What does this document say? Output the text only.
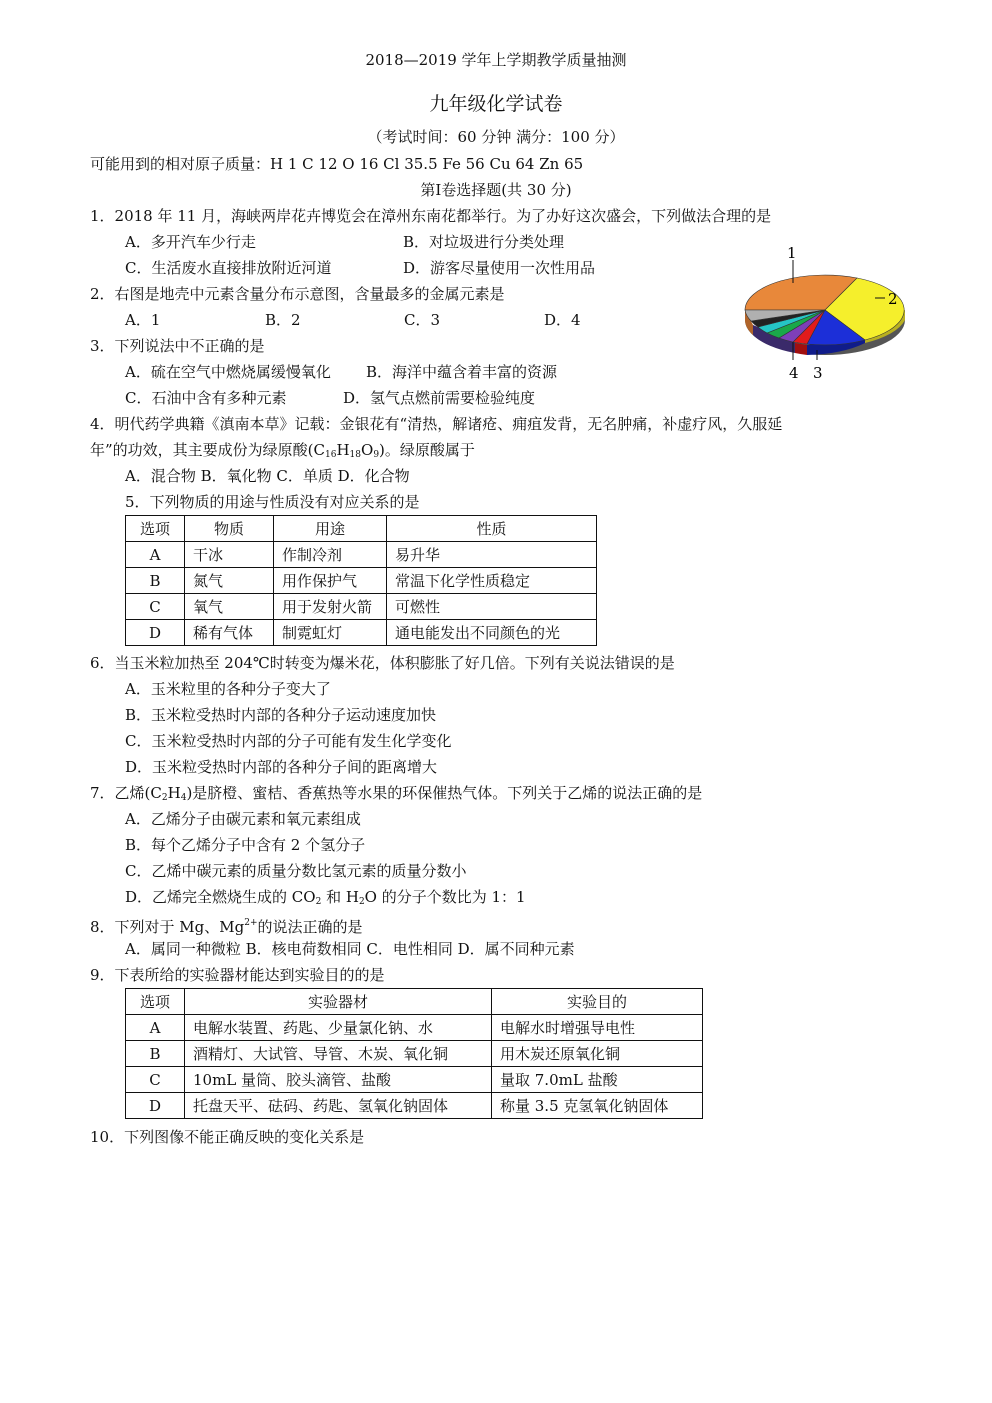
2018—2019 学年上学期教学质量抽测
九年级化学试卷
（考试时间：60 分钟 满分：100 分）
可能用到的相对原子质量：H 1 C 12 O 16 Cl 35.5 Fe 56 Cu 64 Zn 65
第Ⅰ卷选择题(共 30 分)
1．2018 年 11 月，海峡两岸花卉博览会在漳州东南花都举行。为了办好这次盛会，下列做法合理的是
A．多开汽车少行走	B．对垃圾进行分类处理
C．生活废水直接排放附近河道	D．游客尽量使用一次性用品
2．右图是地壳中元素含量分布示意图，含量最多的金属元素是
A．1	B．2	C．3	D．4
1
2
3
4
3．下列说法中不正确的是
A．硫在空气中燃烧属缓慢氧化 B．海洋中蕴含着丰富的资源
C．石油中含有多种元素	D．氢气点燃前需要检验纯度
4．明代药学典籍《滇南本草》记载：金银花有“清热，解诸疮、痈疽发背，无名肿痛，补虚疗风，久服延
年”的功效，其主要成份为绿原酸$(C_{16}H_{18}O_9)$。绿原酸属于
A．混合物 B．氧化物 C．单质 D．化合物
5．下列物质的用途与性质没有对应关系的是
选项	物质	用途	性质
A	干冰	作制冷剂	易升华
B	氮气	用作保护气	常温下化学性质稳定
C	氧气	用于发射火箭	可燃性
D	稀有气体	制霓虹灯	通电能发出不同颜色的光
6．当玉米粒加热至 204℃时转变为爆米花，体积膨胀了好几倍。下列有关说法错误的是
A．玉米粒里的各种分子变大了
B．玉米粒受热时内部的各种分子运动速度加快
C．玉米粒受热时内部的分子可能有发生化学变化
D．玉米粒受热时内部的各种分子间的距离增大
7．乙烯$(C_2H_4)$是脐橙、蜜桔、香蕉热等水果的环保催热气体。下列关于乙烯的说法正确的是
A．乙烯分子由碳元素和氧元素组成
B．每个乙烯分子中含有 2 个氢分子
C．乙烯中碳元素的质量分数比氢元素的质量分数小
D．乙烯完全燃烧生成的 $CO_2$ 和 $H_2O$ 的分子个数比为 1：1
8．下列对于 Mg、$Mg^{2+}$的说法正确的是
A．属同一种微粒 B．核电荷数相同 C．电性相同 D．属不同种元素
9．下表所给的实验器材能达到实验目的的是
选项	实验器材	实验目的
A	电解水装置、药匙、少量氯化钠、水	电解水时增强导电性
B	酒精灯、大试管、导管、木炭、氧化铜	用木炭还原氧化铜
C	10mL 量筒、胶头滴管、盐酸	量取 7.0mL 盐酸
D	托盘天平、砝码、药匙、氢氧化钠固体	称量 3.5 克氢氧化钠固体
10．下列图像不能正确反映的变化关系是
